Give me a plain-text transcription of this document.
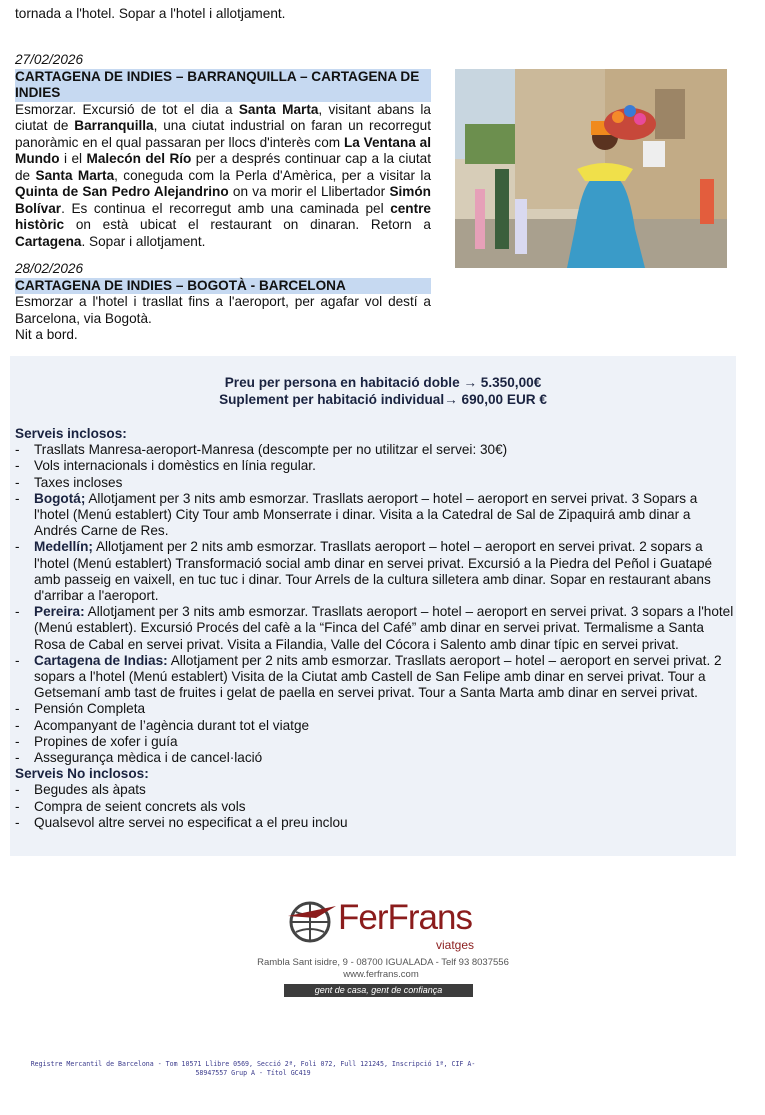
tornada a l'hotel. Sopar a l'hotel i allotjament.
27/02/2026
CARTAGENA DE INDIES – BARRANQUILLA – CARTAGENA DE INDIES
Esmorzar. Excursió de tot el dia a Santa Marta, visitant abans la ciutat de Barranquilla, una ciutat industrial on faran un recorregut panoràmic en el qual passaran per llocs d'interès com La Ventana al Mundo i el Malecón del Río per a després continuar cap a la ciutat de Santa Marta, coneguda com la Perla d'Amèrica, per a visitar la Quinta de San Pedro Alejandrino on va morir el Llibertador Simón Bolívar. Es continua el recorregut amb una caminada pel centre històric on està ubicat el restaurant on dinaran. Retorn a Cartagena. Sopar i allotjament.
28/02/2026
CARTAGENA DE INDIES – BOGOTÀ - BARCELONA
Esmorzar a l'hotel i trasllat fins a l'aeroport, per agafar vol destí a Barcelona, via Bogotà.
Nit a bord.
Preu per persona en habitació doble → 5.350,00€
Suplement per habitació individual→ 690,00 EUR €
Serveis inclosos:
- Trasllats Manresa-aeroport-Manresa (descompte per no utilitzar el servei: 30€)
- Vols internacionals i domèstics en línia regular.
- Taxes incloses
- Bogotá; Allotjament per 3 nits amb esmorzar. Trasllats aeroport – hotel – aeroport en servei privat. 3 Sopars a l'hotel (Menú establert) City Tour amb Monserrate i dinar. Visita a la Catedral de Sal de Zipaquirá amb dinar a Andrés Carne de Res.
- Medellín; Allotjament per 2 nits amb esmorzar. Trasllats aeroport – hotel – aeroport en servei privat. 2 sopars a l'hotel (Menú establert) Transformació social amb dinar en servei privat. Excursió a la Piedra del Peñol i Guatapé amb passeig en vaixell, en tuc tuc i dinar. Tour Arrels de la cultura silletera amb dinar. Sopar en restaurant abans d'arribar a l'aeroport.
- Pereira: Allotjament per 3 nits amb esmorzar. Trasllats aeroport – hotel – aeroport en servei privat. 3 sopars a l'hotel (Menú establert). Excursió Procés del cafè a la “Finca del Café” amb dinar en servei privat. Termalisme a Santa Rosa de Cabal en servei privat. Visita a Filandia, Valle del Cócora i Salento amb dinar típic en servei privat.
- Cartagena de Indias: Allotjament per 2 nits amb esmorzar. Trasllats aeroport – hotel – aeroport en servei privat. 2 sopars a l'hotel (Menú establert) Visita de la Ciutat amb Castell de San Felipe amb dinar en servei privat. Tour a Getsemaní amb tast de fruites i gelat de paella en servei privat. Tour a Santa Marta amb dinar en servei privat.
- Pensión Completa
- Acompanyant de l’agència durant tot el viatge
- Propines de xofer i guía
- Assegurança mèdica i de cancel·lació
Serveis No inclosos:
- Begudes als àpats
- Compra de seient concrets als vols
- Qualsevol altre servei no especificat a el preu inclou
FerFrans
viatges
Rambla Sant isidre, 9 - 08700 IGUALADA - Telf 93 8037556
www.ferfrans.com
gent de casa, gent de confiança
Registre Mercantil de Barcelona - Tom 10571 Llibre 0569, Secció 2ª, Foli 072, Full 121245, Inscripció 1ª, CIF A-
58947557 Grup A - Títol GC419
